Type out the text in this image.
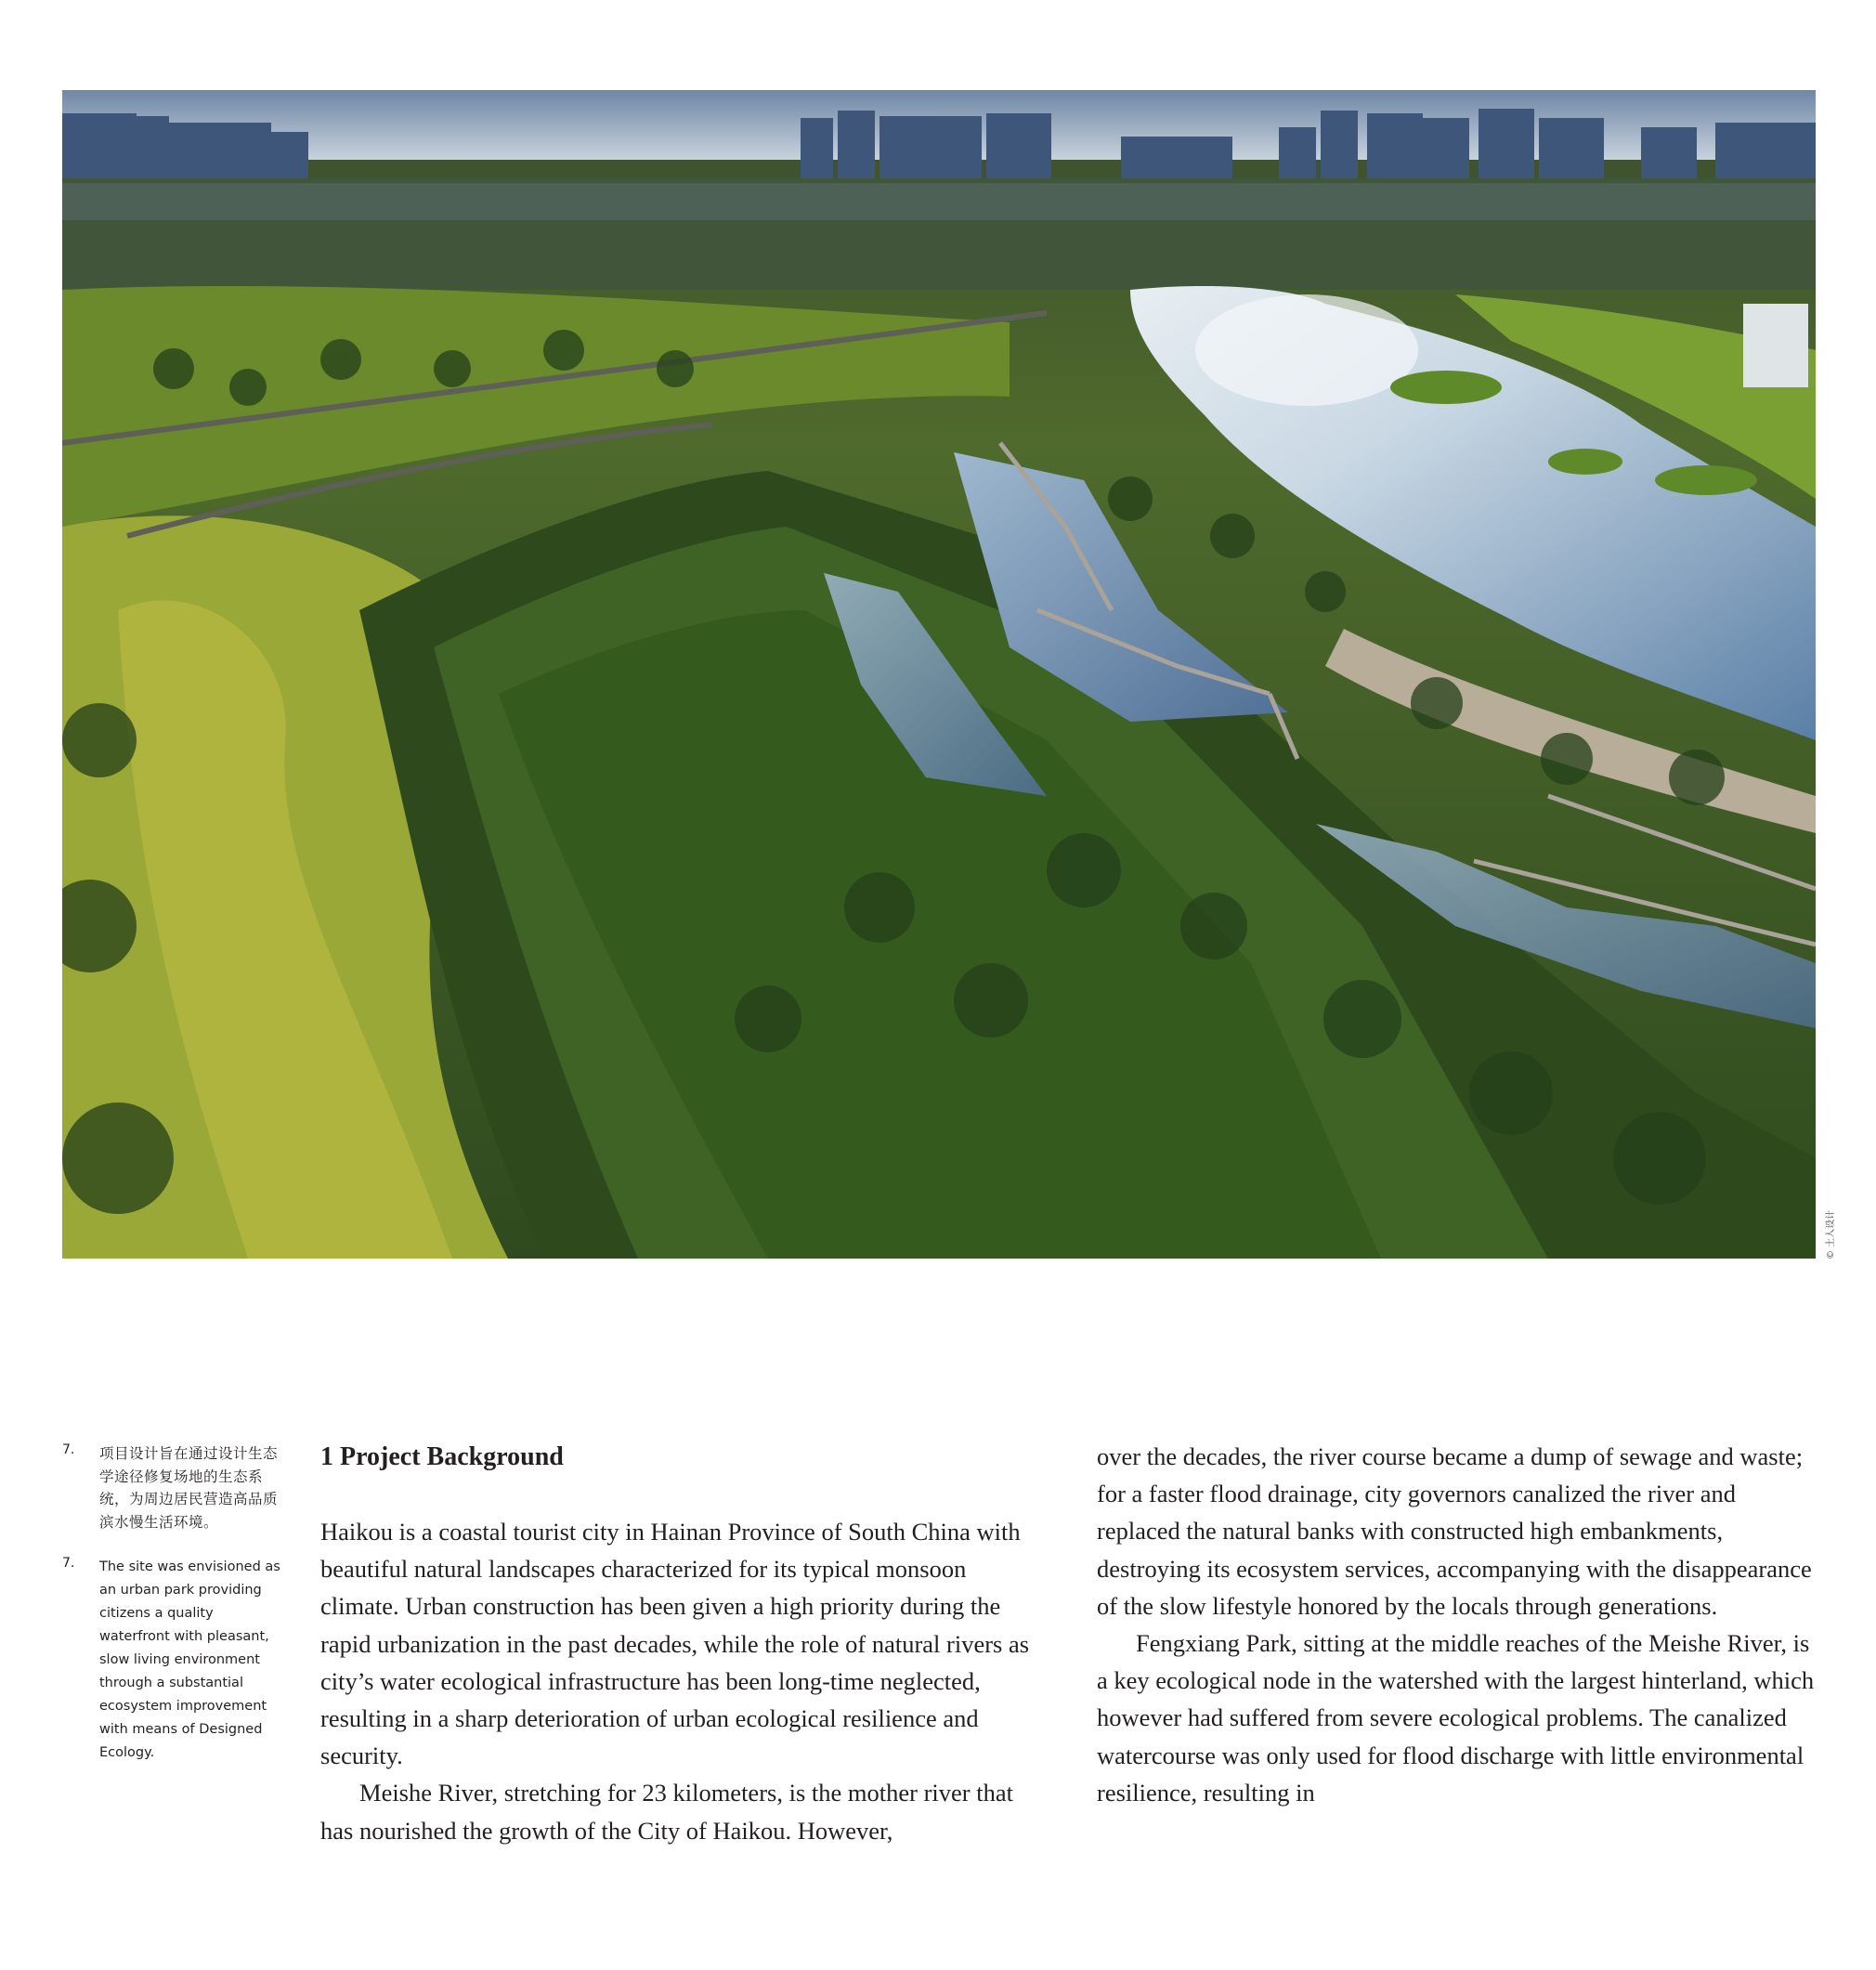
© 土人设计
7. 项目设计旨在通过设计生态学途径修复场地的生态系统，为周边居民营造高品质滨水慢生活环境。
7. The site was envisioned as an urban park providing citizens a quality waterfront with pleasant, slow living environment through a substantial ecosystem improvement with means of Designed Ecology.
1 Project Background

Haikou is a coastal tourist city in Hainan Province of South China with beautiful natural landscapes characterized for its typical monsoon climate. Urban construction has been given a high priority during the rapid urbanization in the past decades, while the role of natural rivers as city’s water ecological infrastructure has been long-time neglected, resulting in a sharp deterioration of urban ecological resilience and security.

Meishe River, stretching for 23 kilometers, is the mother river that has nourished the growth of the City of Haikou. However,

over the decades, the river course became a dump of sewage and waste; for a faster flood drainage, city governors canalized the river and replaced the natural banks with constructed high embankments, destroying its ecosystem services, accompanying with the disappearance of the slow lifestyle honored by the locals through generations.

Fengxiang Park, sitting at the middle reaches of the Meishe River, is a key ecological node in the watershed with the largest hinterland, which however had suffered from severe ecological problems. The canalized watercourse was only used for flood discharge with little environmental resilience, resulting in
